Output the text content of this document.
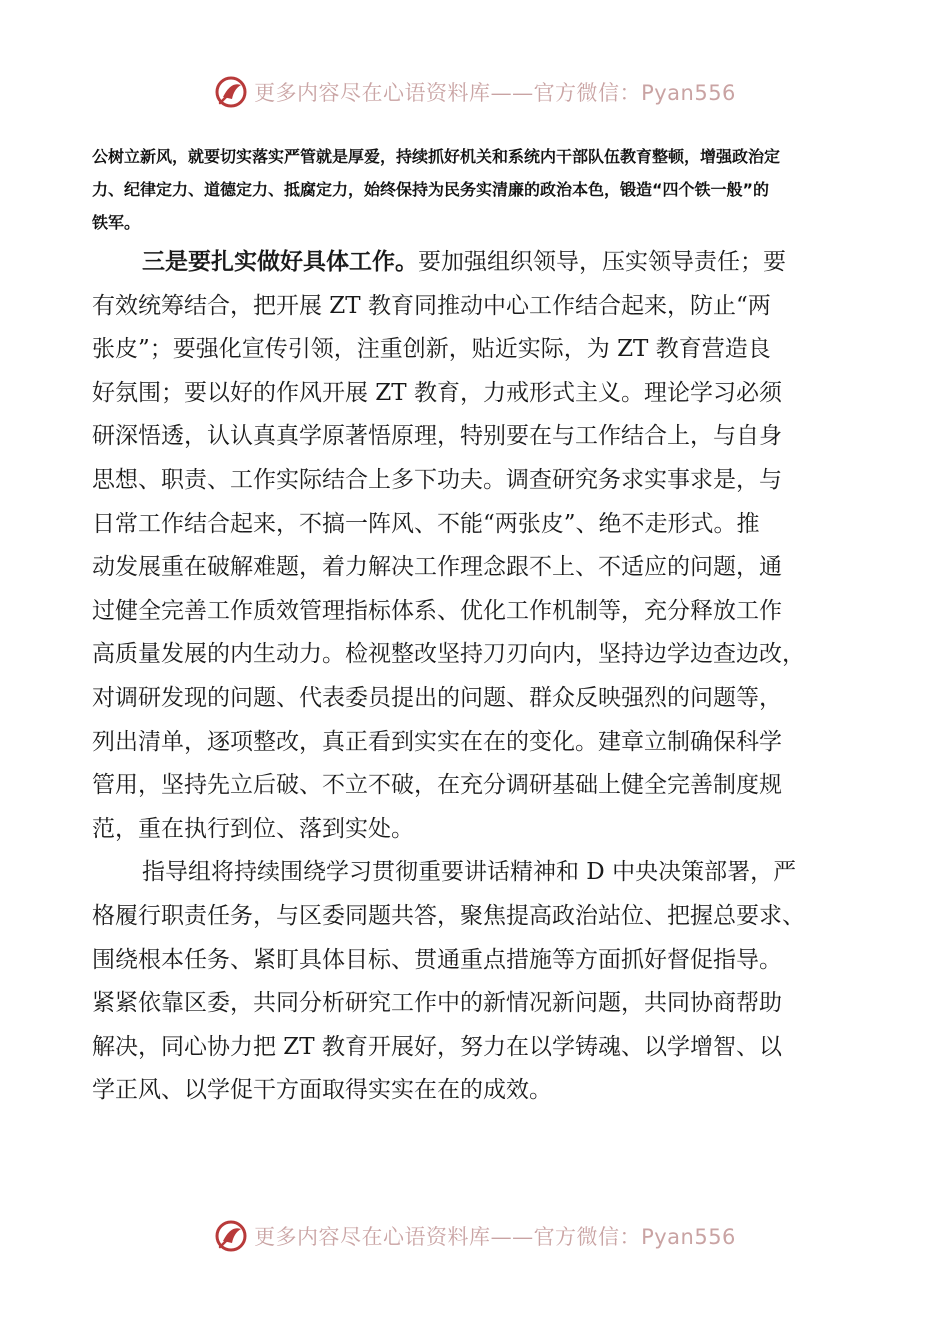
更多内容尽在心语资料库——官方微信：Pyan556
公树立新风，就要切实落实严管就是厚爱，持续抓好机关和系统内干部队伍教育整顿，增强政治定
力、纪律定力、道德定力、抵腐定力，始终保持为民务实清廉的政治本色，锻造“四个铁一般”的
铁军。
三是要扎实做好具体工作。要加强组织领导，压实领导责任；要
有效统筹结合，把开展 ZT 教育同推动中心工作结合起来，防止“两
张皮”；要强化宣传引领，注重创新，贴近实际，为 ZT 教育营造良
好氛围；要以好的作风开展 ZT 教育，力戒形式主义。理论学习必须
研深悟透，认认真真学原著悟原理，特别要在与工作结合上，与自身
思想、职责、工作实际结合上多下功夫。调查研究务求实事求是，与
日常工作结合起来，不搞一阵风、不能“两张皮”、绝不走形式。推
动发展重在破解难题，着力解决工作理念跟不上、不适应的问题，通
过健全完善工作质效管理指标体系、优化工作机制等，充分释放工作
高质量发展的内生动力。检视整改坚持刀刃向内，坚持边学边查边改，
对调研发现的问题、代表委员提出的问题、群众反映强烈的问题等，
列出清单，逐项整改，真正看到实实在在的变化。建章立制确保科学
管用，坚持先立后破、不立不破，在充分调研基础上健全完善制度规
范，重在执行到位、落到实处。
指导组将持续围绕学习贯彻重要讲话精神和 D 中央决策部署，严
格履行职责任务，与区委同题共答，聚焦提高政治站位、把握总要求、
围绕根本任务、紧盯具体目标、贯通重点措施等方面抓好督促指导。
紧紧依靠区委，共同分析研究工作中的新情况新问题，共同协商帮助
解决，同心协力把 ZT 教育开展好，努力在以学铸魂、以学增智、以
学正风、以学促干方面取得实实在在的成效。
更多内容尽在心语资料库——官方微信：Pyan556
